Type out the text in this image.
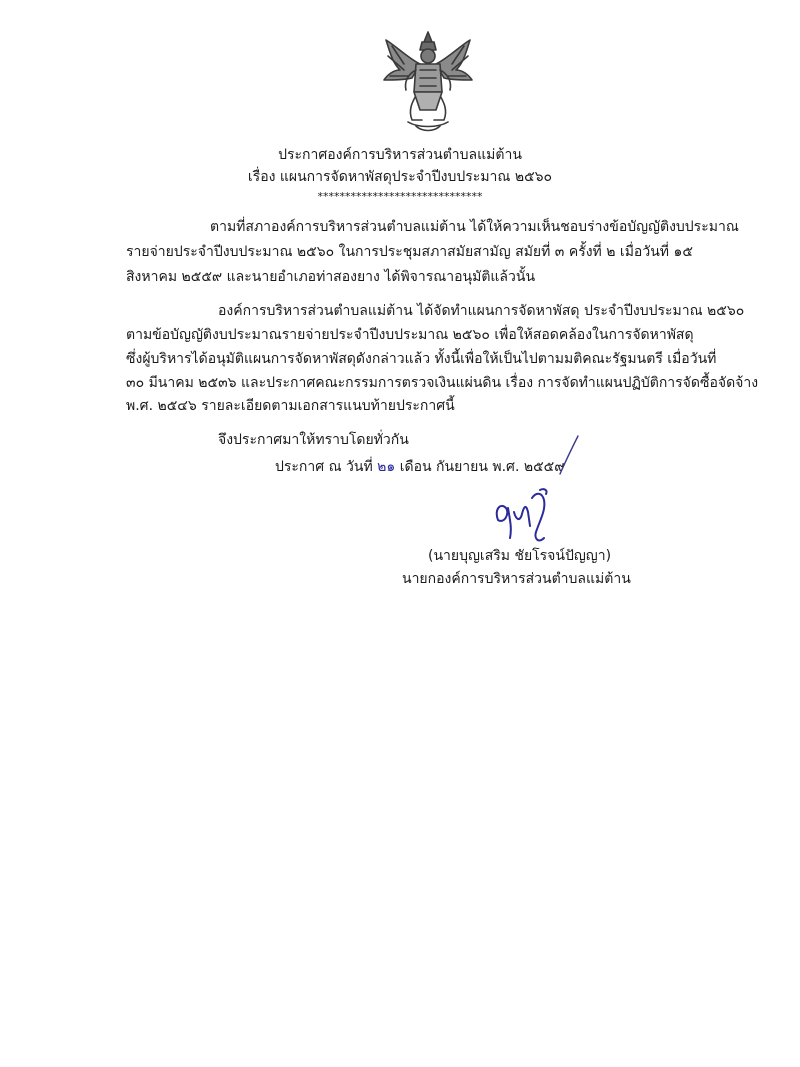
ประกาศองค์การบริหารส่วนตำบลแม่ต้าน
เรื่อง แผนการจัดหาพัสดุประจำปีงบประมาณ ๒๕๖๐
******************************
ตามที่สภาองค์การบริหารส่วนตำบลแม่ต้าน ได้ให้ความเห็นชอบร่างข้อบัญญัติงบประมาณ
รายจ่ายประจำปีงบประมาณ ๒๕๖๐ ในการประชุมสภาสมัยสามัญ สมัยที่ ๓ ครั้งที่ ๒ เมื่อวันที่ ๑๕
สิงหาคม ๒๕๕๙ และนายอำเภอท่าสองยาง ได้พิจารณาอนุมัติแล้วนั้น
องค์การบริหารส่วนตำบลแม่ต้าน ได้จัดทำแผนการจัดหาพัสดุ ประจำปีงบประมาณ ๒๕๖๐
ตามข้อบัญญัติงบประมาณรายจ่ายประจำปีงบประมาณ ๒๕๖๐ เพื่อให้สอดคล้องในการจัดหาพัสดุ
ซึ่งผู้บริหารได้อนุมัติแผนการจัดหาพัสดุดังกล่าวแล้ว ทั้งนี้เพื่อให้เป็นไปตามมติคณะรัฐมนตรี เมื่อวันที่
๓๐ มีนาคม ๒๕๓๖ และประกาศคณะกรรมการตรวจเงินแผ่นดิน เรื่อง การจัดทำแผนปฏิบัติการจัดซื้อจัดจ้าง
พ.ศ. ๒๕๔๖ รายละเอียดตามเอกสารแนบท้ายประกาศนี้
จึงประกาศมาให้ทราบโดยทั่วกัน
ประกาศ ณ วันที่ ๒๑ เดือน กันยายน พ.ศ. ๒๕๕๙
(นายบุญเสริม ชัยโรจน์ปัญญา)
นายกองค์การบริหารส่วนตำบลแม่ต้าน
